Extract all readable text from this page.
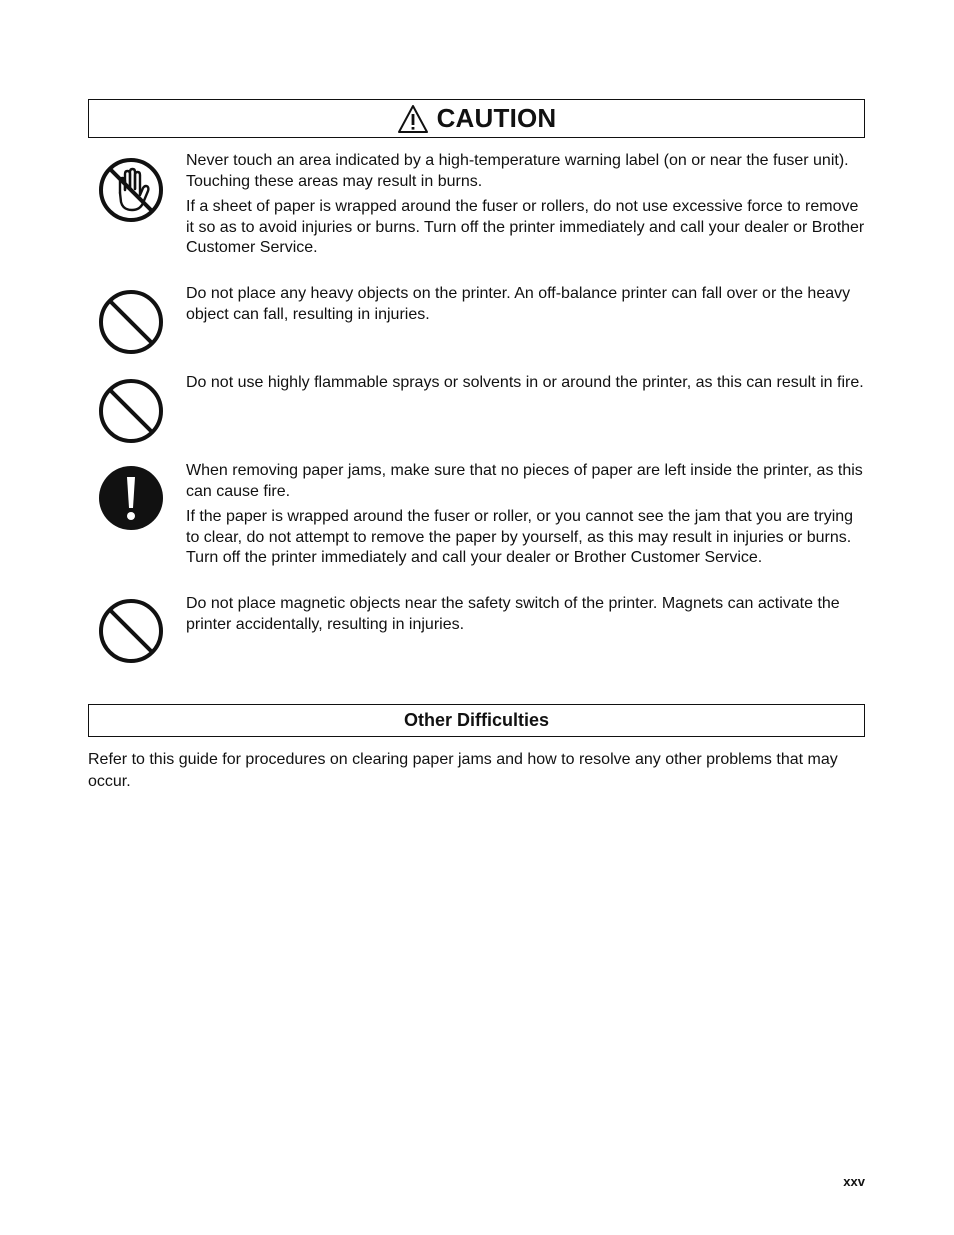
CAUTION

Never touch an area indicated by a high-temperature warning label (on or near the fuser unit). Touching these areas may result in burns.

If a sheet of paper is wrapped around the fuser or rollers, do not use excessive force to remove it so as to avoid injuries or burns. Turn off the printer immediately and call your dealer or Brother Customer Service.

Do not place any heavy objects on the printer. An off-balance printer can fall over or the heavy object can fall, resulting in injuries.

Do not use highly flammable sprays or solvents in or around the printer, as this can result in fire.

When removing paper jams, make sure that no pieces of paper are left inside the printer, as this can cause fire.

If the paper is wrapped around the fuser or roller, or you cannot see the jam that you are trying to clear, do not attempt to remove the paper by yourself, as this may result in injuries or burns. Turn off the printer immediately and call your dealer or Brother Customer Service.

Do not place magnetic objects near the safety switch of the printer. Magnets can activate the printer accidentally, resulting in injuries.

Other Difficulties
Refer to this guide for procedures on clearing paper jams and how to resolve any other problems that may occur.
xxv
